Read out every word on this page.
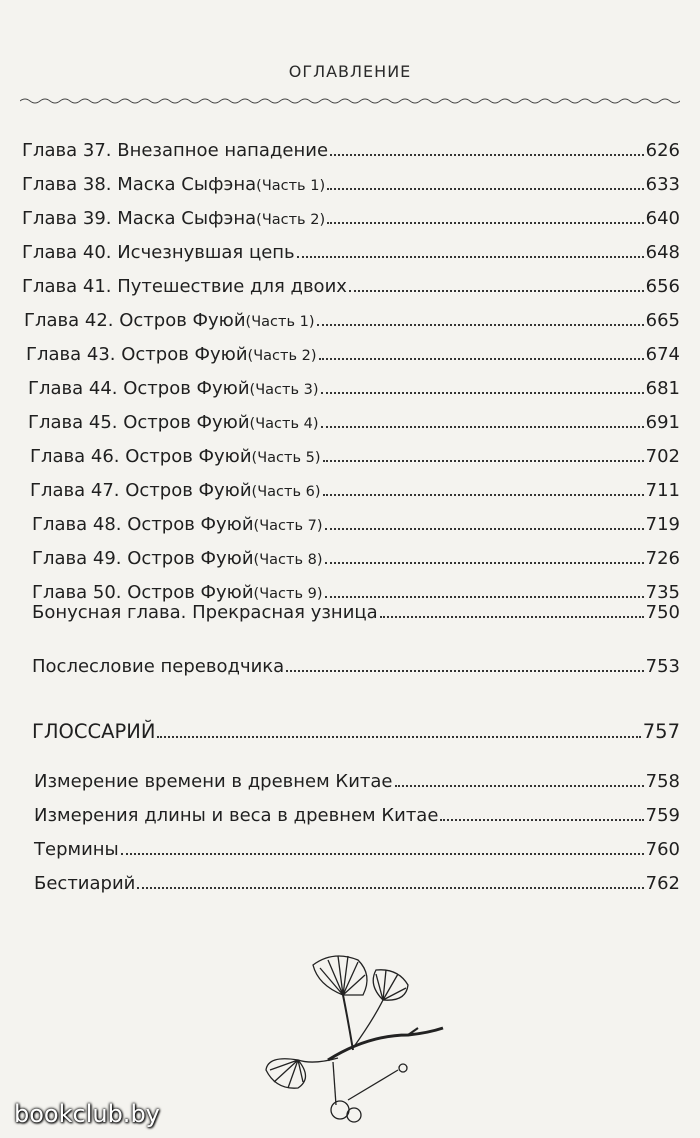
ОГЛАВЛЕНИЕ
Глава 37. Внезапное нападение	626
Глава 38. Маска Сыфэна (Часть 1)	633
Глава 39. Маска Сыфэна (Часть 2)	640
Глава 40. Исчезнувшая цепь	648
Глава 41. Путешествие для двоих	656
Глава 42. Остров Фуюй (Часть 1)	665
Глава 43. Остров Фуюй (Часть 2)	674
Глава 44. Остров Фуюй (Часть 3)	681
Глава 45. Остров Фуюй (Часть 4)	691
Глава 46. Остров Фуюй (Часть 5)	702
Глава 47. Остров Фуюй (Часть 6)	711
Глава 48. Остров Фуюй (Часть 7)	719
Глава 49. Остров Фуюй (Часть 8)	726
Глава 50. Остров Фуюй (Часть 9)	735
Бонусная глава. Прекрасная узница	750
Послесловие переводчика	753
ГЛОССАРИЙ	757
Измерение времени в древнем Китае	758
Измерения длины и веса в древнем Китае	759
Термины	760
Бестиарий	762
bookclub.by
